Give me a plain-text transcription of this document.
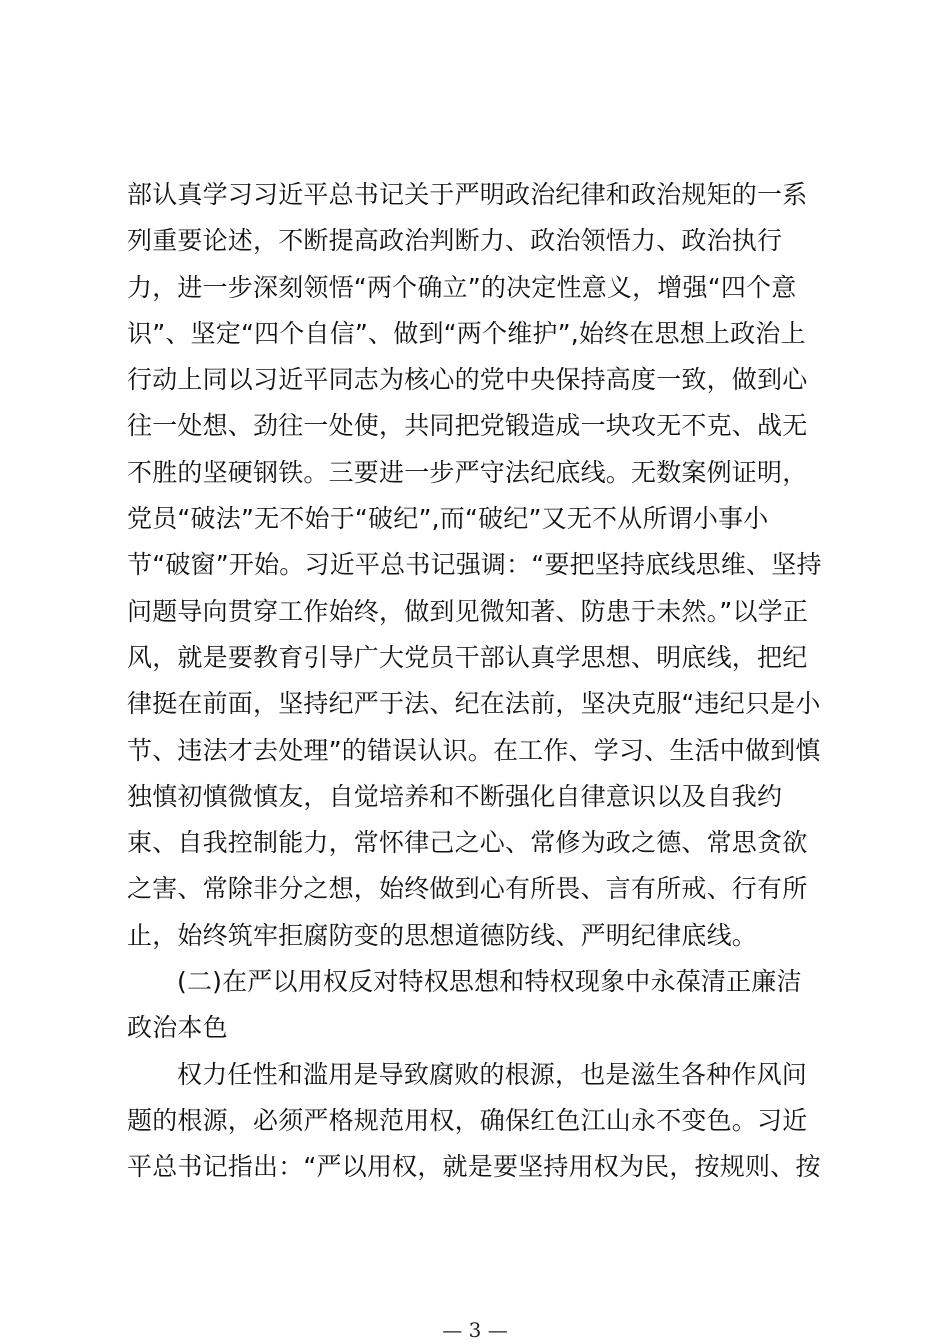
部认真学习习近平总书记关于严明政治纪律和政治规矩的一系
列重要论述，不断提高政治判断力、政治领悟力、政治执行
力，进一步深刻领悟“两个确立”的决定性意义，增强“四个意
识”、坚定“四个自信”、做到“两个维护”,始终在思想上政治上
行动上同以习近平同志为核心的党中央保持高度一致，做到心
往一处想、劲往一处使，共同把党锻造成一块攻无不克、战无
不胜的坚硬钢铁。三要进一步严守法纪底线。无数案例证明，
党员“破法”无不始于“破纪”,而“破纪”又无不从所谓小事小
节“破窗”开始。习近平总书记强调：“要把坚持底线思维、坚持
问题导向贯穿工作始终，做到见微知著、防患于未然。”以学正
风，就是要教育引导广大党员干部认真学思想、明底线，把纪
律挺在前面，坚持纪严于法、纪在法前，坚决克服“违纪只是小
节、违法才去处理”的错误认识。在工作、学习、生活中做到慎
独慎初慎微慎友，自觉培养和不断强化自律意识以及自我约
束、自我控制能力，常怀律己之心、常修为政之德、常思贪欲
之害、常除非分之想，始终做到心有所畏、言有所戒、行有所
止，始终筑牢拒腐防变的思想道德防线、严明纪律底线。
(二)在严以用权反对特权思想和特权现象中永葆清正廉洁
政治本色
权力任性和滥用是导致腐败的根源，也是滋生各种作风问
题的根源，必须严格规范用权，确保红色江山永不变色。习近
平总书记指出：“严以用权，就是要坚持用权为民，按规则、按
— 3 —
